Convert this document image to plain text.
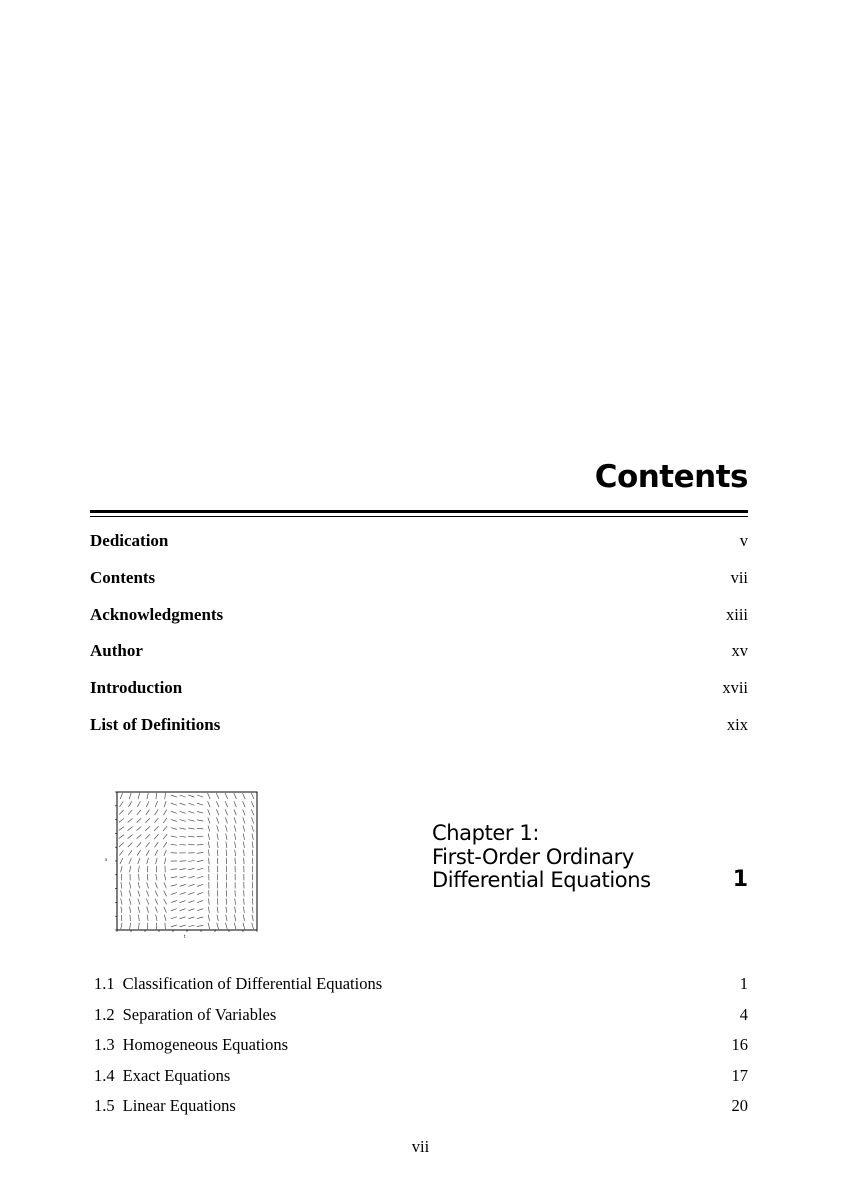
Contents
Dedication	v
Contents	vii
Acknowledgments	xiii
Author	xv
Introduction	xvii
List of Definitions	xix
x
t
Chapter 1:
First-Order Ordinary
Differential Equations	1
1.1 Classification of Differential Equations	1
1.2 Separation of Variables	4
1.3 Homogeneous Equations	16
1.4 Exact Equations	17
1.5 Linear Equations	20
vii
